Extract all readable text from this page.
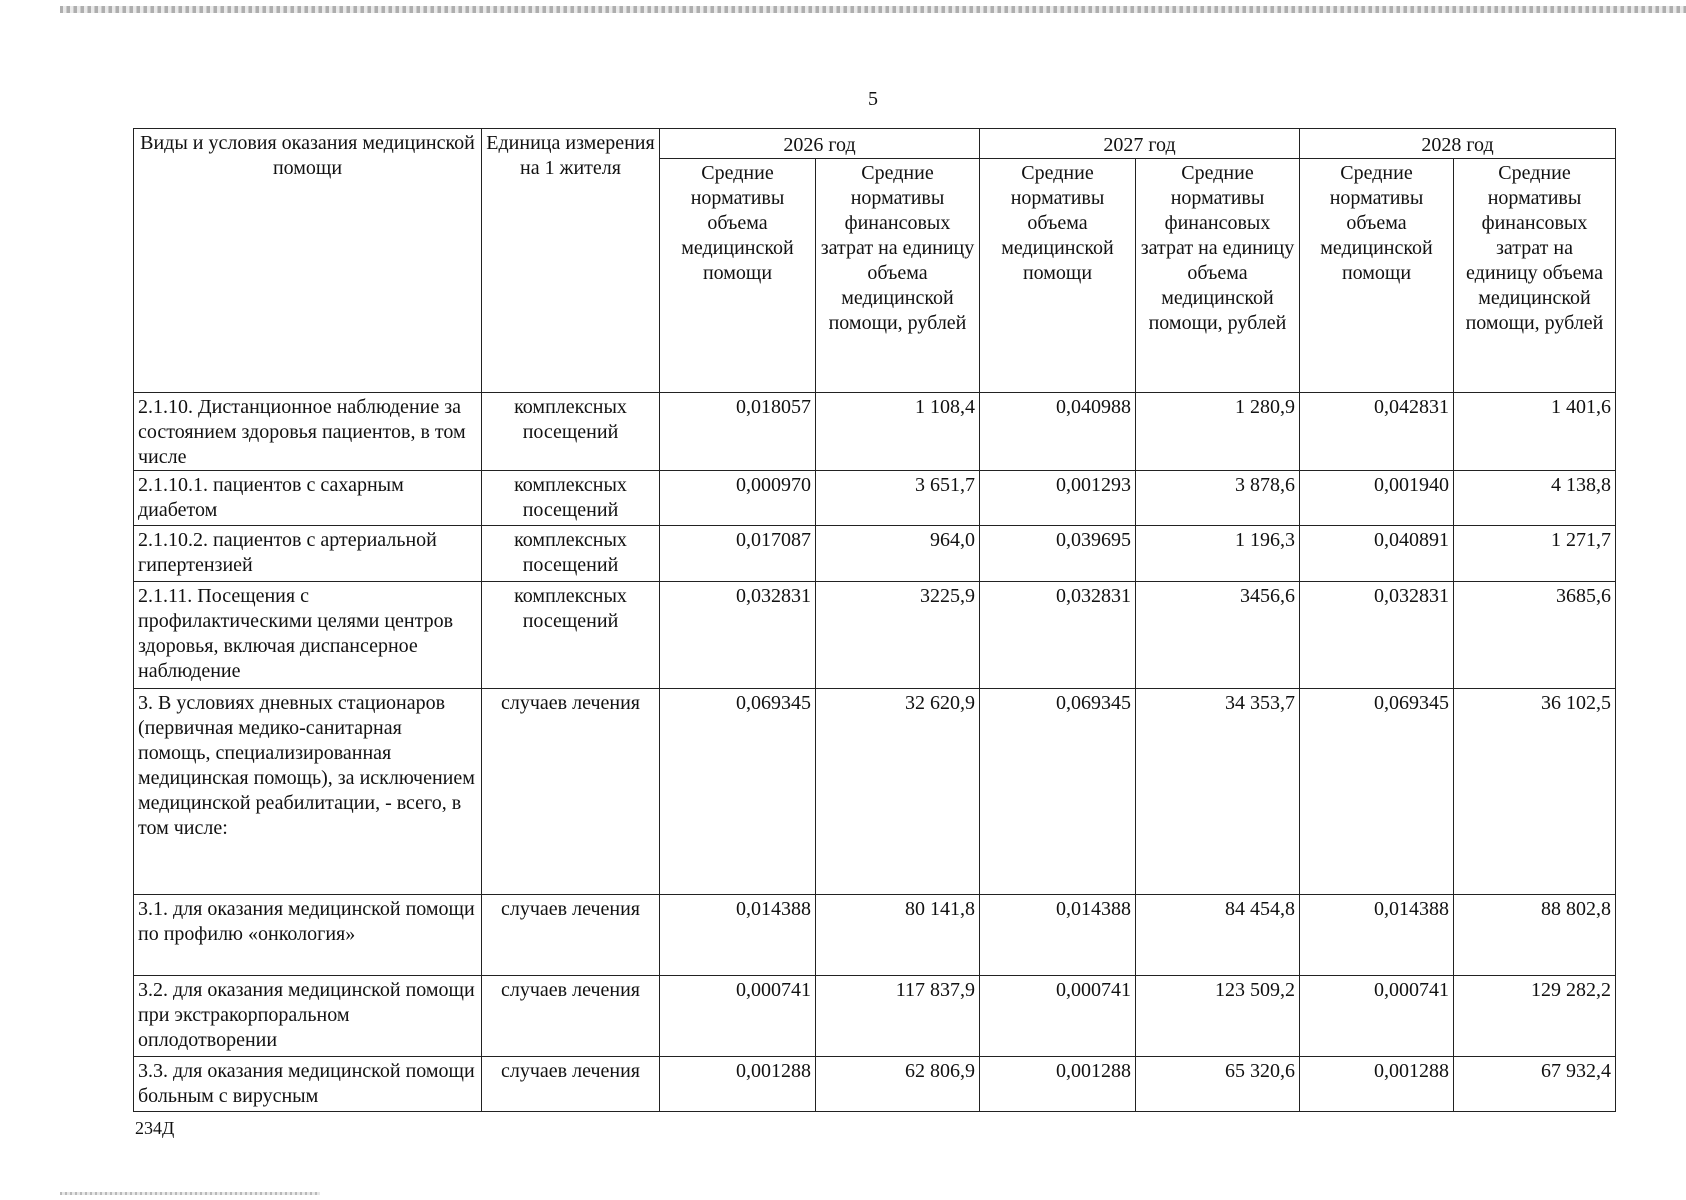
5
Виды и условия оказания медицинской помощи	Единица измерения на 1 жителя	2026 год		2027 год		2028 год	
		Средние нормативы объема медицинской помощи	Средние нормативы финансовых затрат на единицу объема медицинской помощи, рублей	Средние нормативы объема медицинской помощи	Средние нормативы финансовых затрат на единицу объема медицинской помощи, рублей	Средние нормативы объема медицинской помощи	Средние нормативы финансовых затрат на единицу объема медицинской помощи, рублей
2.1.10. Дистанционное наблюдение за состоянием здоровья пациентов, в том числе	комплексных посещений	0,018057	1 108,4	0,040988	1 280,9	0,042831	1 401,6
2.1.10.1. пациентов с сахарным диабетом	комплексных посещений	0,000970	3 651,7	0,001293	3 878,6	0,001940	4 138,8
2.1.10.2. пациентов с артериальной гипертензией	комплексных посещений	0,017087	964,0	0,039695	1 196,3	0,040891	1 271,7
2.1.11. Посещения с профилактическими целями центров здоровья, включая диспансерное наблюдение	комплексных посещений	0,032831	3225,9	0,032831	3456,6	0,032831	3685,6
3. В условиях дневных стационаров (первичная медико-санитарная помощь, специализированная медицинская помощь), за исключением медицинской реабилитации, - всего, в том числе:	случаев лечения	0,069345	32 620,9	0,069345	34 353,7	0,069345	36 102,5
3.1. для оказания медицинской помощи по профилю «онкология»	случаев лечения	0,014388	80 141,8	0,014388	84 454,8	0,014388	88 802,8
3.2. для оказания медицинской помощи при экстракорпоральном оплодотворении	случаев лечения	0,000741	117 837,9	0,000741	123 509,2	0,000741	129 282,2
3.3. для оказания медицинской помощи больным с вирусным	случаев лечения	0,001288	62 806,9	0,001288	65 320,6	0,001288	67 932,4
234Д
